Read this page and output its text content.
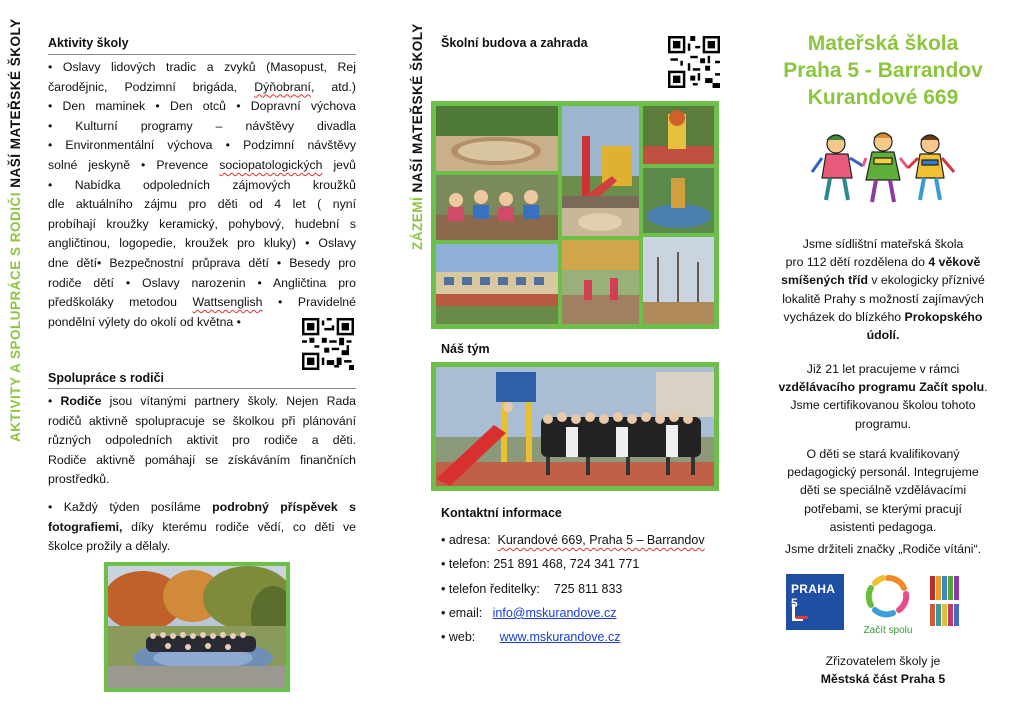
AKTIVITY A SPOLUPRÁCE S RODIČI NAŠÍ MATEŘSKÉ ŠKOLY Aktivity školy
• Oslavy lidových tradic a zvyků (Masopust, Rej
čarodějnic, Podzimní brigáda, Dýňobraní, atd.)
• Den maminek • Den otců • Dopravní výchova
• Kulturní programy – návštěvy divadla
• Environmentální výchova • Podzimní návštěvy
solné jeskyně • Prevence sociopatologických jevů
• Nabídka odpoledních zájmových kroužků
dle aktuálního zájmu pro děti od 4 let ( nyní
probíhají kroužky keramický, pohybový, hudební s
angličtinou, logopedie, kroužek pro kluky) • Oslavy
dne dětí• Bezpečnostní průprava dětí • Besedy pro
rodiče dětí • Oslavy narozenin • Angličtina pro
předškoláky metodou Wattsenglish • Pravidelné
pondělní výlety do okolí od května •
Spolupráce s rodiči
• Rodiče jsou vítanými partnery školy. Nejen Rada
rodičů aktivně spolupracuje se školkou při plánování
různých odpoledních aktivit pro rodiče a děti.
Rodiče aktivně pomáhají se získáváním finančních
prostředků.
• Každý týden posíláme podrobný příspěvek s
fotografiemi, díky kterému rodiče vědí, co děti ve
školce prožily a dělaly.
ZÁZEMÍ NAŠÍ MATEŘSKÉ ŠKOLY Školní budova a zahrada
Náš tým
Kontaktní informace
• adresa: Kurandové 669, Praha 5 – Barrandov
• telefon: 251 891 468, 724 341 771
• telefon ředitelky: 725 811 833
• email: info@mskurandove.cz
• web: www.mskurandove.cz
Mateřská škola
Praha 5 - Barrandov
Kurandové 669
Jsme sídlištní mateřská škola
pro 112 dětí rozdělena do 4 věkově
smíšených tříd v ekologicky příznivé
lokalitě Prahy s možností zajímavých
vycházek do blízkého Prokopského
údolí.
Již 21 let pracujeme v rámci
vzdělávacího programu Začít spolu.
Jsme certifikovanou školou tohoto
programu.
O děti se stará kvalifikovaný
pedagogický personál. Integrujeme
děti se speciálně vzdělávacími
potřebami, se kterými pracují
asistenti pedagoga.
Jsme držiteli značky „Rodiče vítáni“.
PRAHA 5
Začít spolu
Zřizovatelem školy je
Městská část Praha 5
